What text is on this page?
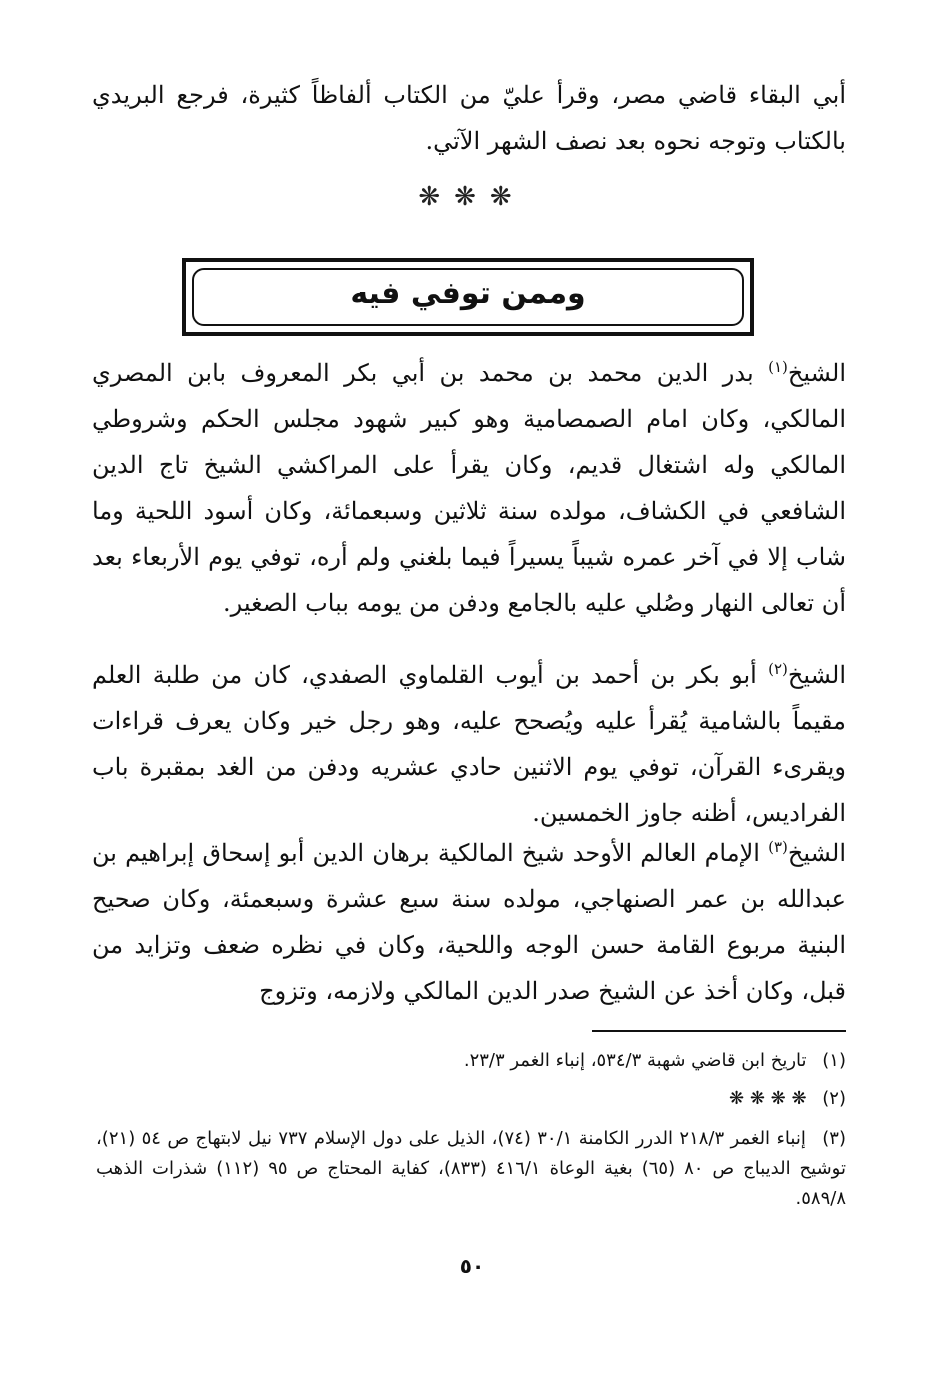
أبي البقاء قاضي مصر، وقرأ عليّ من الكتاب ألفاظاً كثيرة، فرجع البريدي بالكتاب وتوجه نحوه بعد نصف الشهر الآتي.

❋❋❋
وممن توفي فيه

الشيخ$^{(١)}$ بدر الدين محمد بن محمد بن أبي بكر المعروف بابن المصري المالكي، وكان امام الصمصامية وهو كبير شهود مجلس الحكم وشروطي المالكي وله اشتغال قديم، وكان يقرأ على المراكشي الشيخ تاج الدين الشافعي في الكشاف، مولده سنة ثلاثين وسبعمائة، وكان أسود اللحية وما شاب إلا في آخر عمره شيباً يسيراً فيما بلغني ولم أره، توفي يوم الأربعاء بعد أن تعالى النهار وصُلي عليه بالجامع ودفن من يومه بباب الصغير.

الشيخ$^{(٢)}$ أبو بكر بن أحمد بن أيوب القلماوي الصفدي، كان من طلبة العلم مقيماً بالشامية يُقرأ عليه ويُصحح عليه، وهو رجل خير وكان يعرف قراءات ويقرىء القرآن، توفي يوم الاثنين حادي عشريه ودفن من الغد بمقبرة باب الفراديس، أظنه جاوز الخمسين.

الشيخ$^{(٣)}$ الإمام العالم الأوحد شيخ المالكية برهان الدين أبو إسحاق إبراهيم بن عبدالله بن عمر الصنهاجي، مولده سنة سبع عشرة وسبعمئة، وكان صحيح البنية مربوع القامة حسن الوجه واللحية، وكان في نظره ضعف وتزايد من قبل، وكان أخذ عن الشيخ صدر الدين المالكي ولازمه، وتزوج

(١) تاريخ ابن قاضي شهبة ٥٣٤/٣، إنباء الغمر ٢٣/٣.

(٢) ❋ ❋ ❋ ❋

(٣) إنباء الغمر ٢١٨/٣ الدرر الكامنة ٣٠/١ (٧٤)، الذيل على دول الإسلام ٧٣٧ نيل لابتهاج ص ٥٤ (٢١)، توشيح الديباج ص ٨٠ (٦٥) بغية الوعاة ٤١٦/١ (٨٣٣)، كفاية المحتاج ص ٩٥ (١١٢) شذرات الذهب ٥٨٩/٨.

٥٠
